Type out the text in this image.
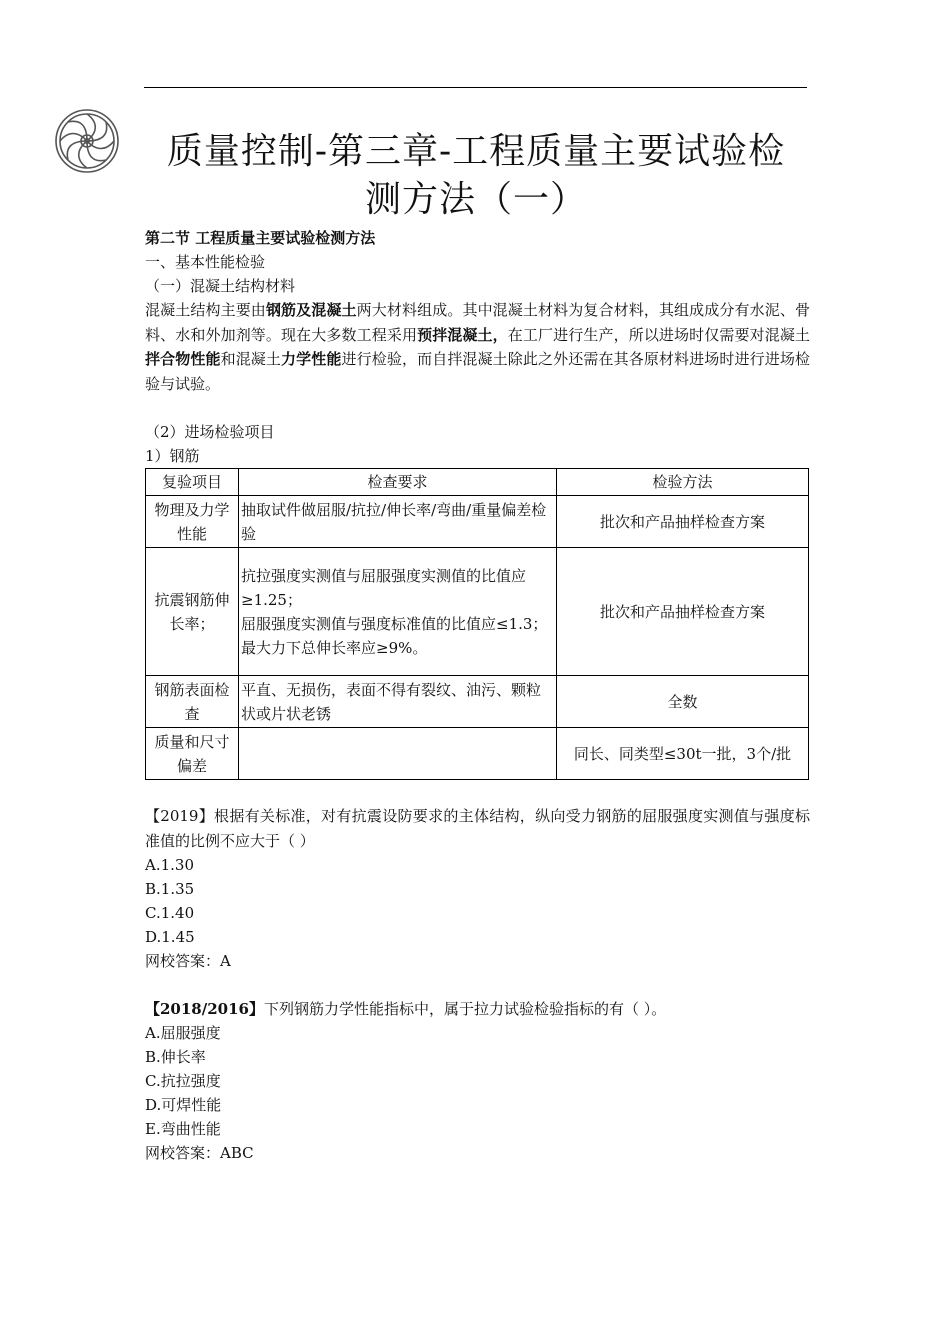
质量控制-第三章-工程质量主要试验检测方法（一）
第二节 工程质量主要试验检测方法
一、基本性能检验
（一）混凝土结构材料
混凝土结构主要由钢筋及混凝土两大材料组成。其中混凝土材料为复合材料，其组成成分有水泥、骨料、水和外加剂等。现在大多数工程采用预拌混凝土，在工厂进行生产，所以进场时仅需要对混凝土拌合物性能和混凝土力学性能进行检验，而自拌混凝土除此之外还需在其各原材料进场时进行进场检验与试验。
（2）进场检验项目
1）钢筋
复验项目	检查要求	检验方法
物理及力学性能	抽取试件做屈服/抗拉/伸长率/弯曲/重量偏差检验	批次和产品抽样检查方案
抗震钢筋伸长率；	抗拉强度实测值与屈服强度实测值的比值应≥1.25；
屈服强度实测值与强度标准值的比值应≤1.3；
最大力下总伸长率应≥9%。	批次和产品抽样检查方案
钢筋表面检查	平直、无损伤，表面不得有裂纹、油污、颗粒状或片状老锈	全数
质量和尺寸偏差		同长、同类型≤30t一批，3个/批
【2019】根据有关标准，对有抗震设防要求的主体结构，纵向受力钢筋的屈服强度实测值与强度标准值的比例不应大于（ ）
A.1.30
B.1.35
C.1.40
D.1.45
网校答案：A
【2018/2016】下列钢筋力学性能指标中，属于拉力试验检验指标的有（ ）。
A.屈服强度
B.伸长率
C.抗拉强度
D.可焊性能
E.弯曲性能
网校答案：ABC
